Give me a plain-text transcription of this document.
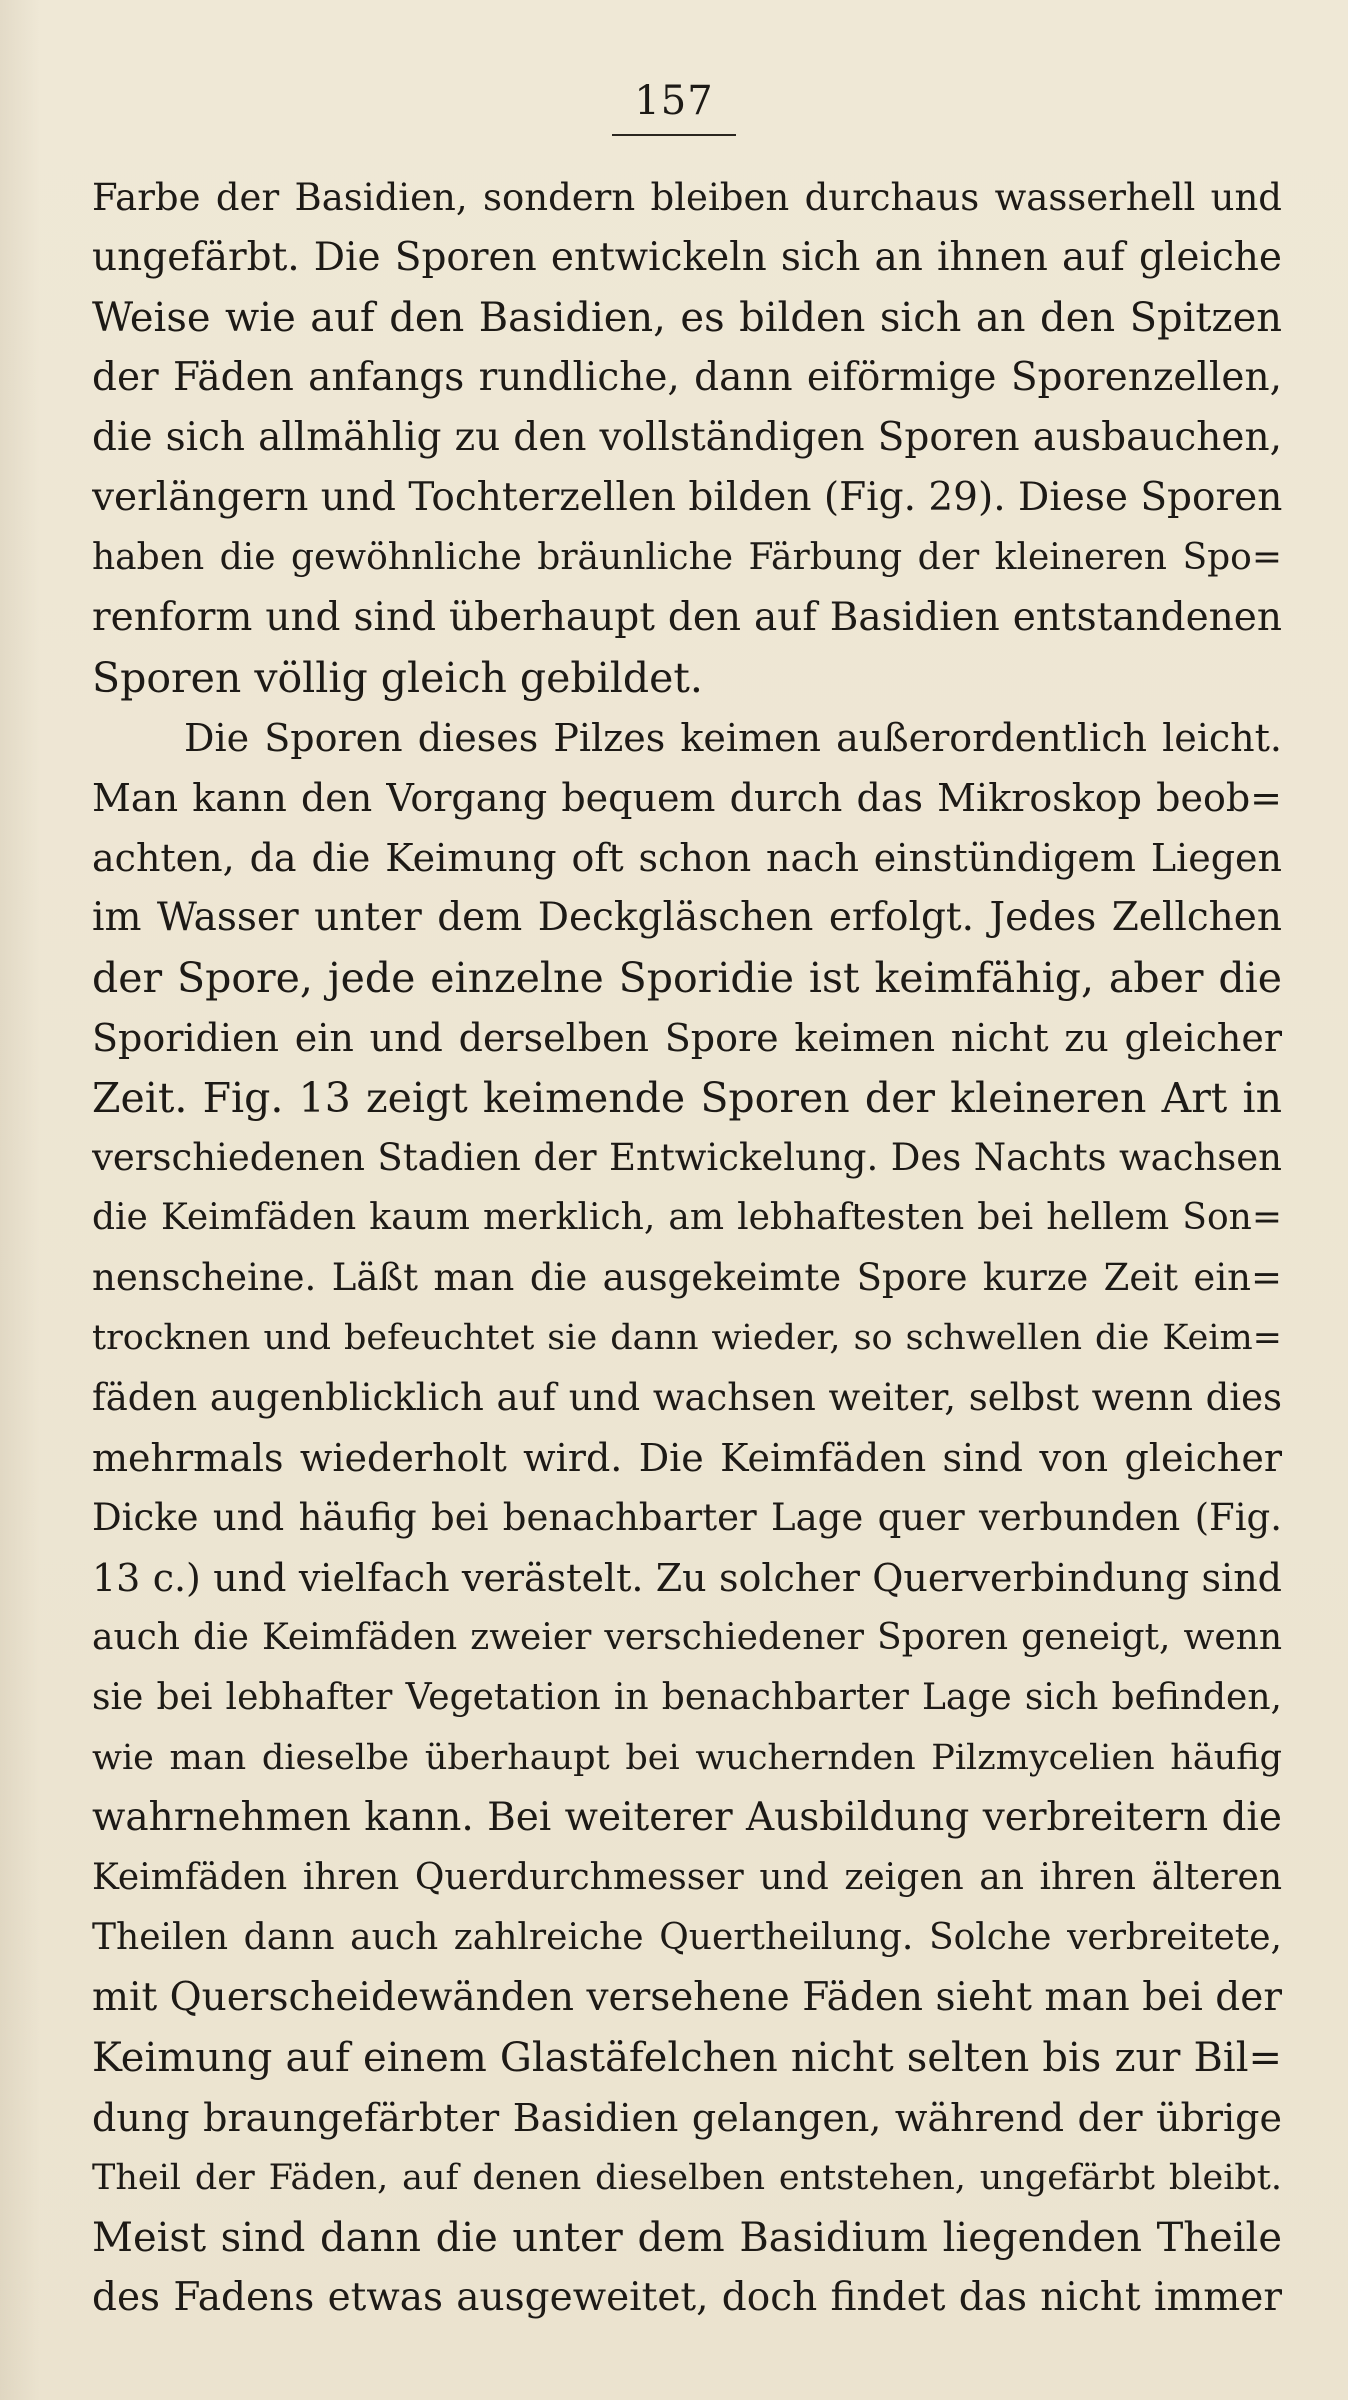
157
Farbe der Basidien, sondern bleiben durchaus wasserhell und
ungefärbt. Die Sporen entwickeln sich an ihnen auf gleiche
Weise wie auf den Basidien, es bilden sich an den Spitzen
der Fäden anfangs rundliche, dann eiförmige Sporenzellen,
die sich allmählig zu den vollständigen Sporen ausbauchen,
verlängern und Tochterzellen bilden (Fig. 29). Diese Sporen
haben die gewöhnliche bräunliche Färbung der kleineren Spo=
renform und sind überhaupt den auf Basidien entstandenen
Sporen völlig gleich gebildet.
Die Sporen dieses Pilzes keimen außerordentlich leicht.
Man kann den Vorgang bequem durch das Mikroskop beob=
achten, da die Keimung oft schon nach einstündigem Liegen
im Wasser unter dem Deckgläschen erfolgt. Jedes Zellchen
der Spore, jede einzelne Sporidie ist keimfähig, aber die
Sporidien ein und derselben Spore keimen nicht zu gleicher
Zeit. Fig. 13 zeigt keimende Sporen der kleineren Art in
verschiedenen Stadien der Entwickelung. Des Nachts wachsen
die Keimfäden kaum merklich, am lebhaftesten bei hellem Son=
nenscheine. Läßt man die ausgekeimte Spore kurze Zeit ein=
trocknen und befeuchtet sie dann wieder, so schwellen die Keim=
fäden augenblicklich auf und wachsen weiter, selbst wenn dies
mehrmals wiederholt wird. Die Keimfäden sind von gleicher
Dicke und häufig bei benachbarter Lage quer verbunden (Fig.
13 c.) und vielfach verästelt. Zu solcher Querverbindung sind
auch die Keimfäden zweier verschiedener Sporen geneigt, wenn
sie bei lebhafter Vegetation in benachbarter Lage sich befinden,
wie man dieselbe überhaupt bei wuchernden Pilzmycelien häufig
wahrnehmen kann. Bei weiterer Ausbildung verbreitern die
Keimfäden ihren Querdurchmesser und zeigen an ihren älteren
Theilen dann auch zahlreiche Quertheilung. Solche verbreitete,
mit Querscheidewänden versehene Fäden sieht man bei der
Keimung auf einem Glastäfelchen nicht selten bis zur Bil=
dung braungefärbter Basidien gelangen, während der übrige
Theil der Fäden, auf denen dieselben entstehen, ungefärbt bleibt.
Meist sind dann die unter dem Basidium liegenden Theile
des Fadens etwas ausgeweitet, doch findet das nicht immer
